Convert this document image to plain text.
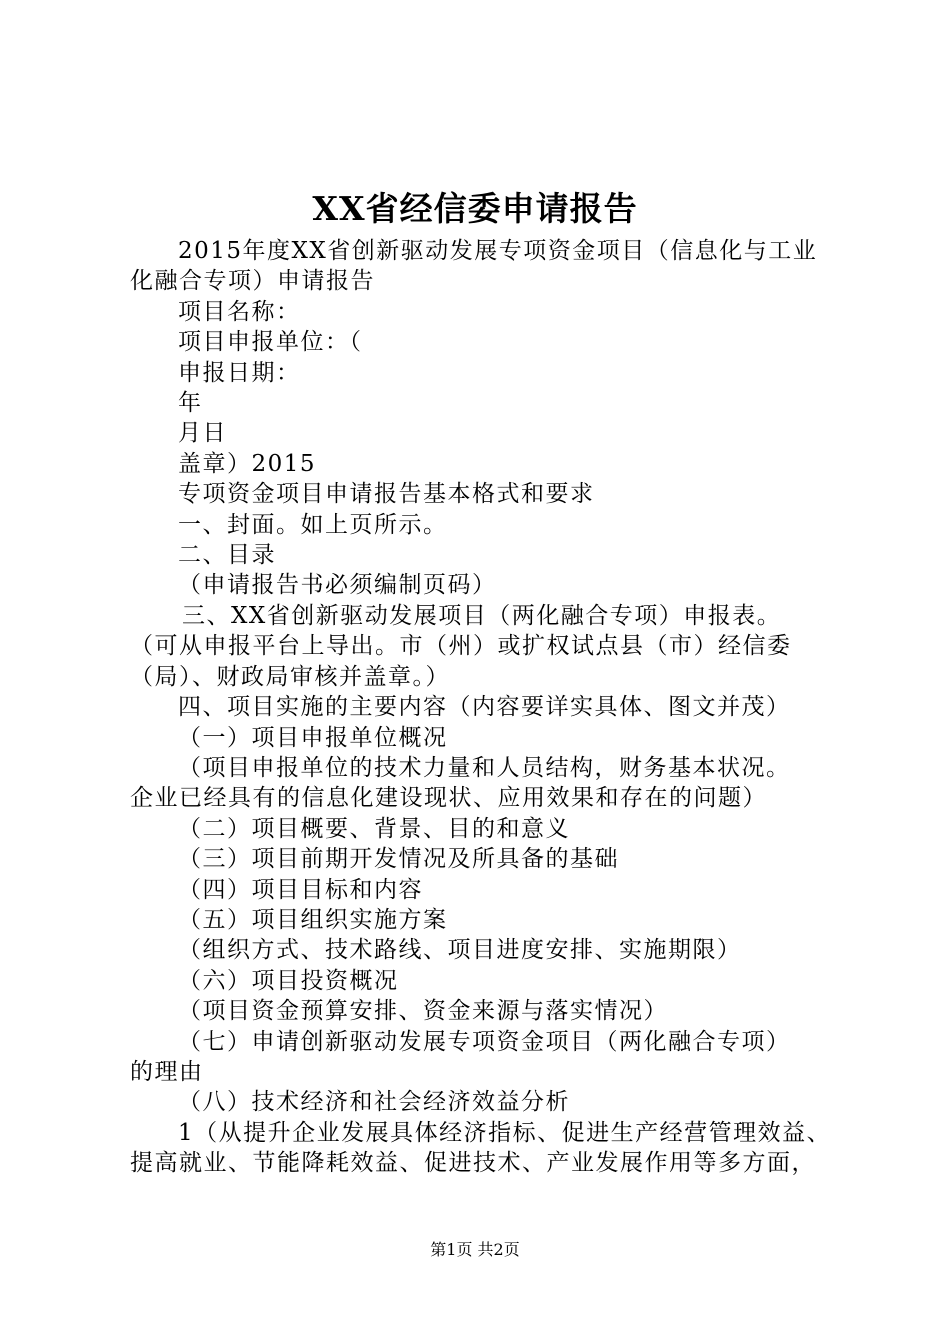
XX省经信委申请报告

2015年度XX省创新驱动发展专项资金项目（信息化与工业

化融合专项）申请报告

项目名称：

项目申报单位：（

申报日期：

年

月日

盖章）2015

专项资金项目申请报告基本格式和要求

一、封面。如上页所示。

二、目录

（申请报告书必须编制页码）

三、XX省创新驱动发展项目（两化融合专项）申报表。

（可从申报平台上导出。市（州）或扩权试点县（市）经信委

（局）、财政局审核并盖章。）

四、项目实施的主要内容（内容要详实具体、图文并茂）

（一）项目申报单位概况

（项目申报单位的技术力量和人员结构，财务基本状况。

企业已经具有的信息化建设现状、应用效果和存在的问题）

（二）项目概要、背景、目的和意义

（三）项目前期开发情况及所具备的基础

（四）项目目标和内容

（五）项目组织实施方案

（组织方式、技术路线、项目进度安排、实施期限）

（六）项目投资概况

（项目资金预算安排、资金来源与落实情况）

（七）申请创新驱动发展专项资金项目（两化融合专项）

的理由

（八）技术经济和社会经济效益分析

1（从提升企业发展具体经济指标、促进生产经营管理效益、

提高就业、节能降耗效益、促进技术、产业发展作用等多方面，

第1页 共2页
